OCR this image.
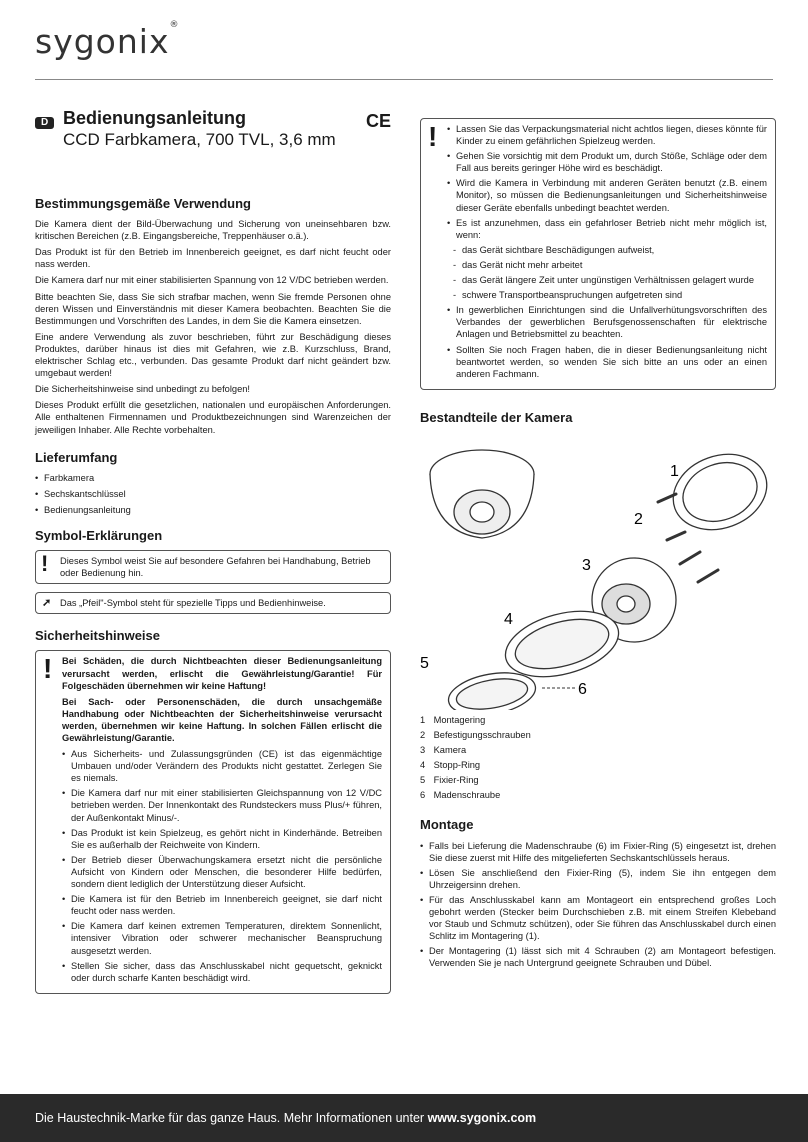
sygonix®
D Bedienungsanleitung
CCD Farbkamera, 700 TVL, 3,6 mm
CE
Bestimmungsgemäße Verwendung

Die Kamera dient der Bild-Überwachung und Sicherung von uneinsehbaren bzw. kritischen Bereichen (z.B. Eingangsbereiche, Treppenhäuser o.ä.).

Das Produkt ist für den Betrieb im Innenbereich geeignet, es darf nicht feucht oder nass werden.

Die Kamera darf nur mit einer stabilisierten Spannung von 12 V/DC betrieben werden.

Bitte beachten Sie, dass Sie sich strafbar machen, wenn Sie fremde Personen ohne deren Wissen und Einverständnis mit dieser Kamera beobachten. Beachten Sie die Bestimmungen und Vorschriften des Landes, in dem Sie die Kamera einsetzen.

Eine andere Verwendung als zuvor beschrieben, führt zur Beschädigung dieses Produktes, darüber hinaus ist dies mit Gefahren, wie z.B. Kurzschluss, Brand, elektrischer Schlag etc., verbunden. Das gesamte Produkt darf nicht geändert bzw. umgebaut werden!

Die Sicherheitshinweise sind unbedingt zu befolgen!

Dieses Produkt erfüllt die gesetzlichen, nationalen und europäischen Anforderungen. Alle enthaltenen Firmennamen und Produktbezeichnungen sind Warenzeichen der jeweiligen Inhaber. Alle Rechte vorbehalten.

Lieferumfang
• Farbkamera
• Sechskantschlüssel
• Bedienungsanleitung
Symbol-Erklärungen
! Dieses Symbol weist Sie auf besondere Gefahren bei Handhabung, Betrieb oder Bedienung hin.
➚ Das „Pfeil"-Symbol steht für spezielle Tipps und Bedienhinweise.
Sicherheitshinweise
! Bei Schäden, die durch Nichtbeachten dieser Bedienungsanleitung verursacht werden, erlischt die Gewährleistung/Garantie! Für Folgeschäden übernehmen wir keine Haftung!

Bei Sach- oder Personenschäden, die durch unsachgemäße Handhabung oder Nichtbeachten der Sicherheitshinweise verursacht werden, übernehmen wir keine Haftung. In solchen Fällen erlischt die Gewährleistung/Garantie.

• Aus Sicherheits- und Zulassungsgründen (CE) ist das eigenmächtige Umbauen und/oder Verändern des Produkts nicht gestattet. Zerlegen Sie es niemals.
• Die Kamera darf nur mit einer stabilisierten Gleichspannung von 12 V/DC betrieben werden. Der Innenkontakt des Rundsteckers muss Plus/+ führen, der Außenkontakt Minus/-.
• Das Produkt ist kein Spielzeug, es gehört nicht in Kinderhände. Betreiben Sie es außerhalb der Reichweite von Kindern.
• Der Betrieb dieser Überwachungskamera ersetzt nicht die persönliche Aufsicht von Kindern oder Menschen, die besonderer Hilfe bedürfen, sondern dient lediglich der Unterstützung dieser Aufsicht.
• Die Kamera ist für den Betrieb im Innenbereich geeignet, sie darf nicht feucht oder nass werden.
• Die Kamera darf keinen extremen Temperaturen, direktem Sonnenlicht, intensiver Vibration oder schwerer mechanischer Beanspruchung ausgesetzt werden.
• Stellen Sie sicher, dass das Anschlusskabel nicht gequetscht, geknickt oder durch scharfe Kanten beschädigt wird.
!
•	Lassen Sie das Verpackungsmaterial nicht achtlos liegen, dieses könnte für Kinder zu einem gefährlichen Spielzeug werden.
• Gehen Sie vorsichtig mit dem Produkt um, durch Stöße, Schläge oder dem Fall aus bereits geringer Höhe wird es beschädigt.
• Wird die Kamera in Verbindung mit anderen Geräten benutzt (z.B. einem Monitor), so müssen die Bedienungsanleitungen und Sicherheitshinweise dieser Geräte ebenfalls unbedingt beachtet werden.
• Es ist anzunehmen, dass ein gefahrloser Betrieb nicht mehr möglich ist, wenn:
- das Gerät sichtbare Beschädigungen aufweist,
- das Gerät nicht mehr arbeitet
- das Gerät längere Zeit unter ungünstigen Verhältnissen gelagert wurde
- schwere Transportbeanspruchungen aufgetreten sind
• In gewerblichen Einrichtungen sind die Unfallverhütungsvorschriften des Verbandes der gewerblichen Berufsgenossenschaften für elektrische Anlagen und Betriebsmittel zu beachten.
• Sollten Sie noch Fragen haben, die in dieser Bedienungsanleitung nicht beantwortet werden, so wenden Sie sich bitte an uns oder an einen anderen Fachmann.
Bestandteile der Kamera
1
2
3
4
5
6
1 Montagering
2 Befestigungsschrauben
3 Kamera
4 Stopp-Ring
5 Fixier-Ring
6 Madenschraube
Montage
• Falls bei Lieferung die Madenschraube (6) im Fixier-Ring (5) eingesetzt ist, drehen Sie diese zuerst mit Hilfe des mitgelieferten Sechskantschlüssels heraus.
• Lösen Sie anschließend den Fixier-Ring (5), indem Sie ihn entgegen dem Uhrzeigersinn drehen.
• Für das Anschlusskabel kann am Montageort ein entsprechend großes Loch gebohrt werden (Stecker beim Durchschieben z.B. mit einem Streifen Klebeband vor Staub und Schmutz schützen), oder Sie führen das Anschlusskabel durch einen Schlitz im Montagering (1).
• Der Montagering (1) lässt sich mit 4 Schrauben (2) am Montageort befestigen. Verwenden Sie je nach Untergrund geeignete Schrauben und Dübel.
Die Haustechnik-Marke für das ganze Haus. Mehr Informationen unter www.sygonix.com
